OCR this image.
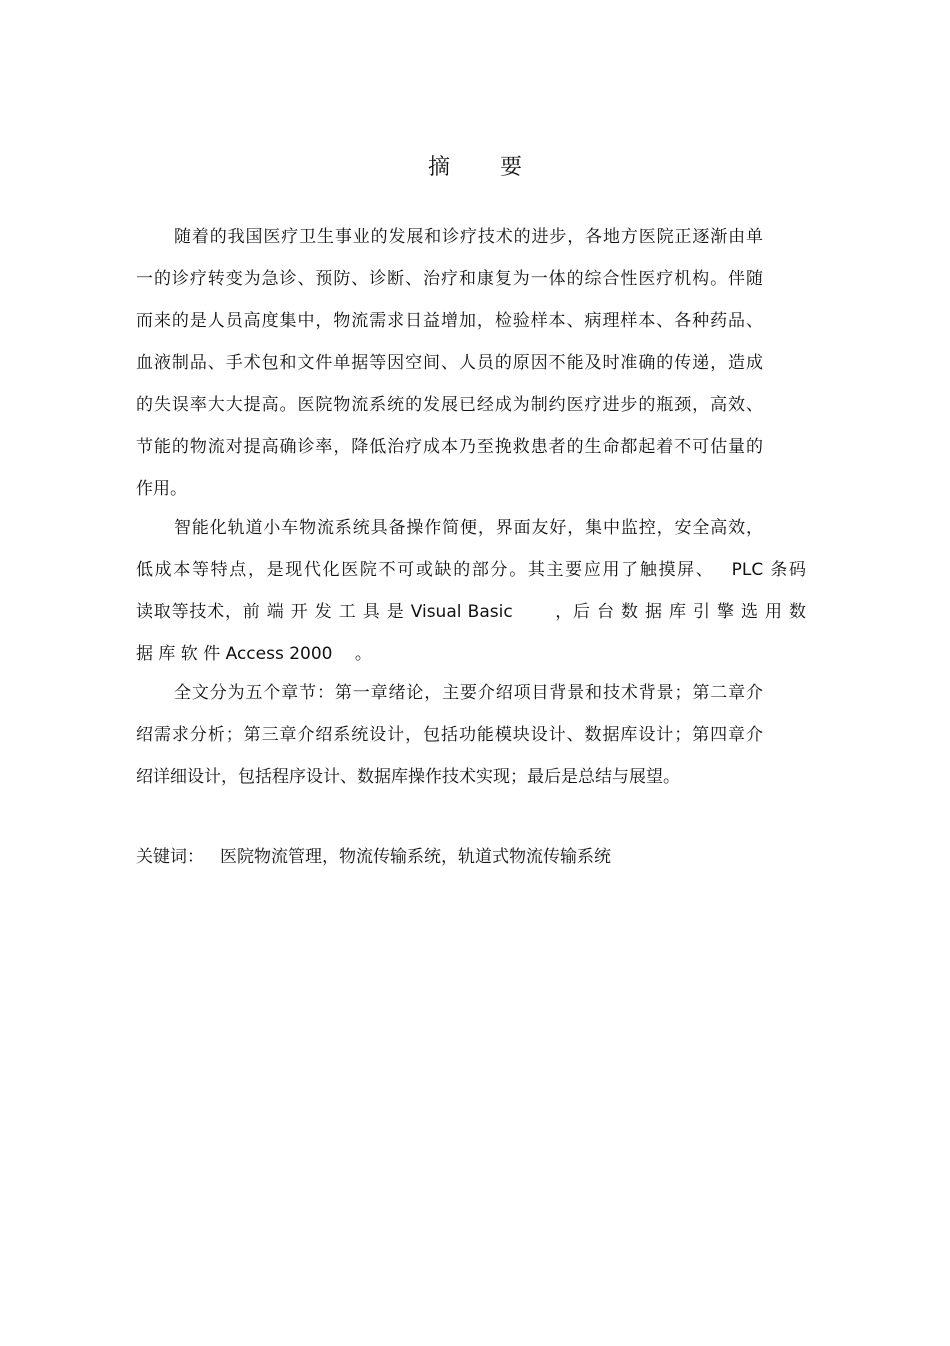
摘 要
随着的我国医疗卫生事业的发展和诊疗技术的进步，各地方医院正逐渐由单
一的诊疗转变为急诊、预防、诊断、治疗和康复为一体的综合性医疗机构。伴随
而来的是人员高度集中，物流需求日益增加，检验样本、病理样本、各种药品、
血液制品、手术包和文件单据等因空间、人员的原因不能及时准确的传递，造成
的失误率大大提高。医院物流系统的发展已经成为制约医疗进步的瓶颈，高效、
节能的物流对提高确诊率，降低治疗成本乃至挽救患者的生命都起着不可估量的
作用。
智能化轨道小车物流系统具备操作简便，界面友好，集中监控，安全高效，
低成本等特点，是现代化医院不可或缺的部分。其主要应用了触摸屏、　 PLC 条码
读取等技术，前 端 开 发 工 具 是 Visual Basic　　 ，后 台 数 据 库 引 擎 选 用 数
据 库 软 件 Access 2000　 。
全文分为五个章节：第一章绪论，主要介绍项目背景和技术背景；第二章介
绍需求分析；第三章介绍系统设计，包括功能模块设计、数据库设计；第四章介
绍详细设计，包括程序设计、数据库操作技术实现；最后是总结与展望。
关键词： 医院物流管理，物流传输系统，轨道式物流传输系统
